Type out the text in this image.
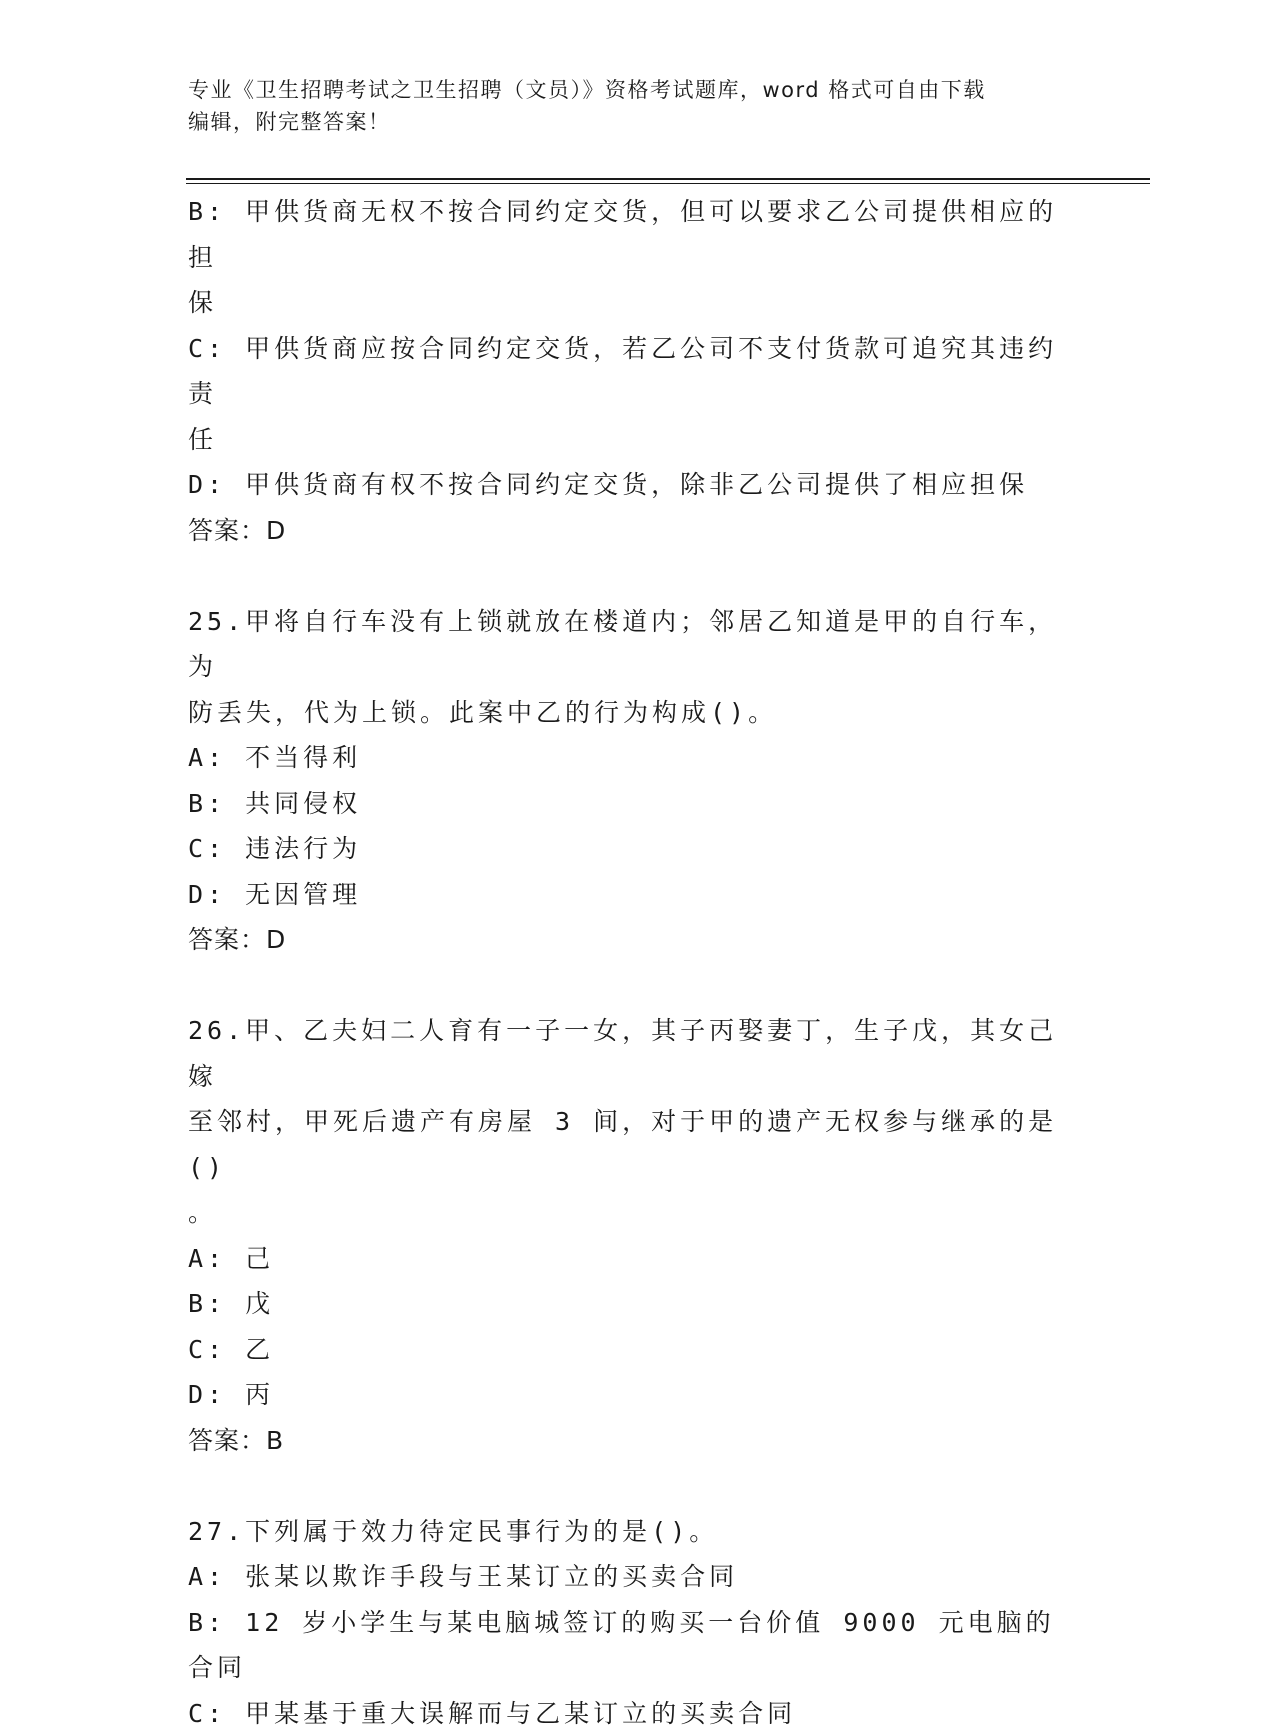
专业《卫生招聘考试之卫生招聘（文员）》资格考试题库，word 格式可自由下载
编辑，附完整答案！
B: 甲供货商无权不按合同约定交货，但可以要求乙公司提供相应的担
保
C: 甲供货商应按合同约定交货，若乙公司不支付货款可追究其违约责
任
D: 甲供货商有权不按合同约定交货，除非乙公司提供了相应担保
答案：D
25.甲将自行车没有上锁就放在楼道内；邻居乙知道是甲的自行车，为
防丢失，代为上锁。此案中乙的行为构成()。
A: 不当得利
B: 共同侵权
C: 违法行为
D: 无因管理
答案：D
26.甲、乙夫妇二人育有一子一女，其子丙娶妻丁，生子戊，其女己嫁
至邻村，甲死后遗产有房屋 3 间，对于甲的遗产无权参与继承的是()
。
A: 己
B: 戊
C: 乙
D: 丙
答案：B
27.下列属于效力待定民事行为的是()。
A: 张某以欺诈手段与王某订立的买卖合同
B: 12 岁小学生与某电脑城签订的购买一台价值 9000 元电脑的合同
C: 甲某基于重大误解而与乙某订立的买卖合同
